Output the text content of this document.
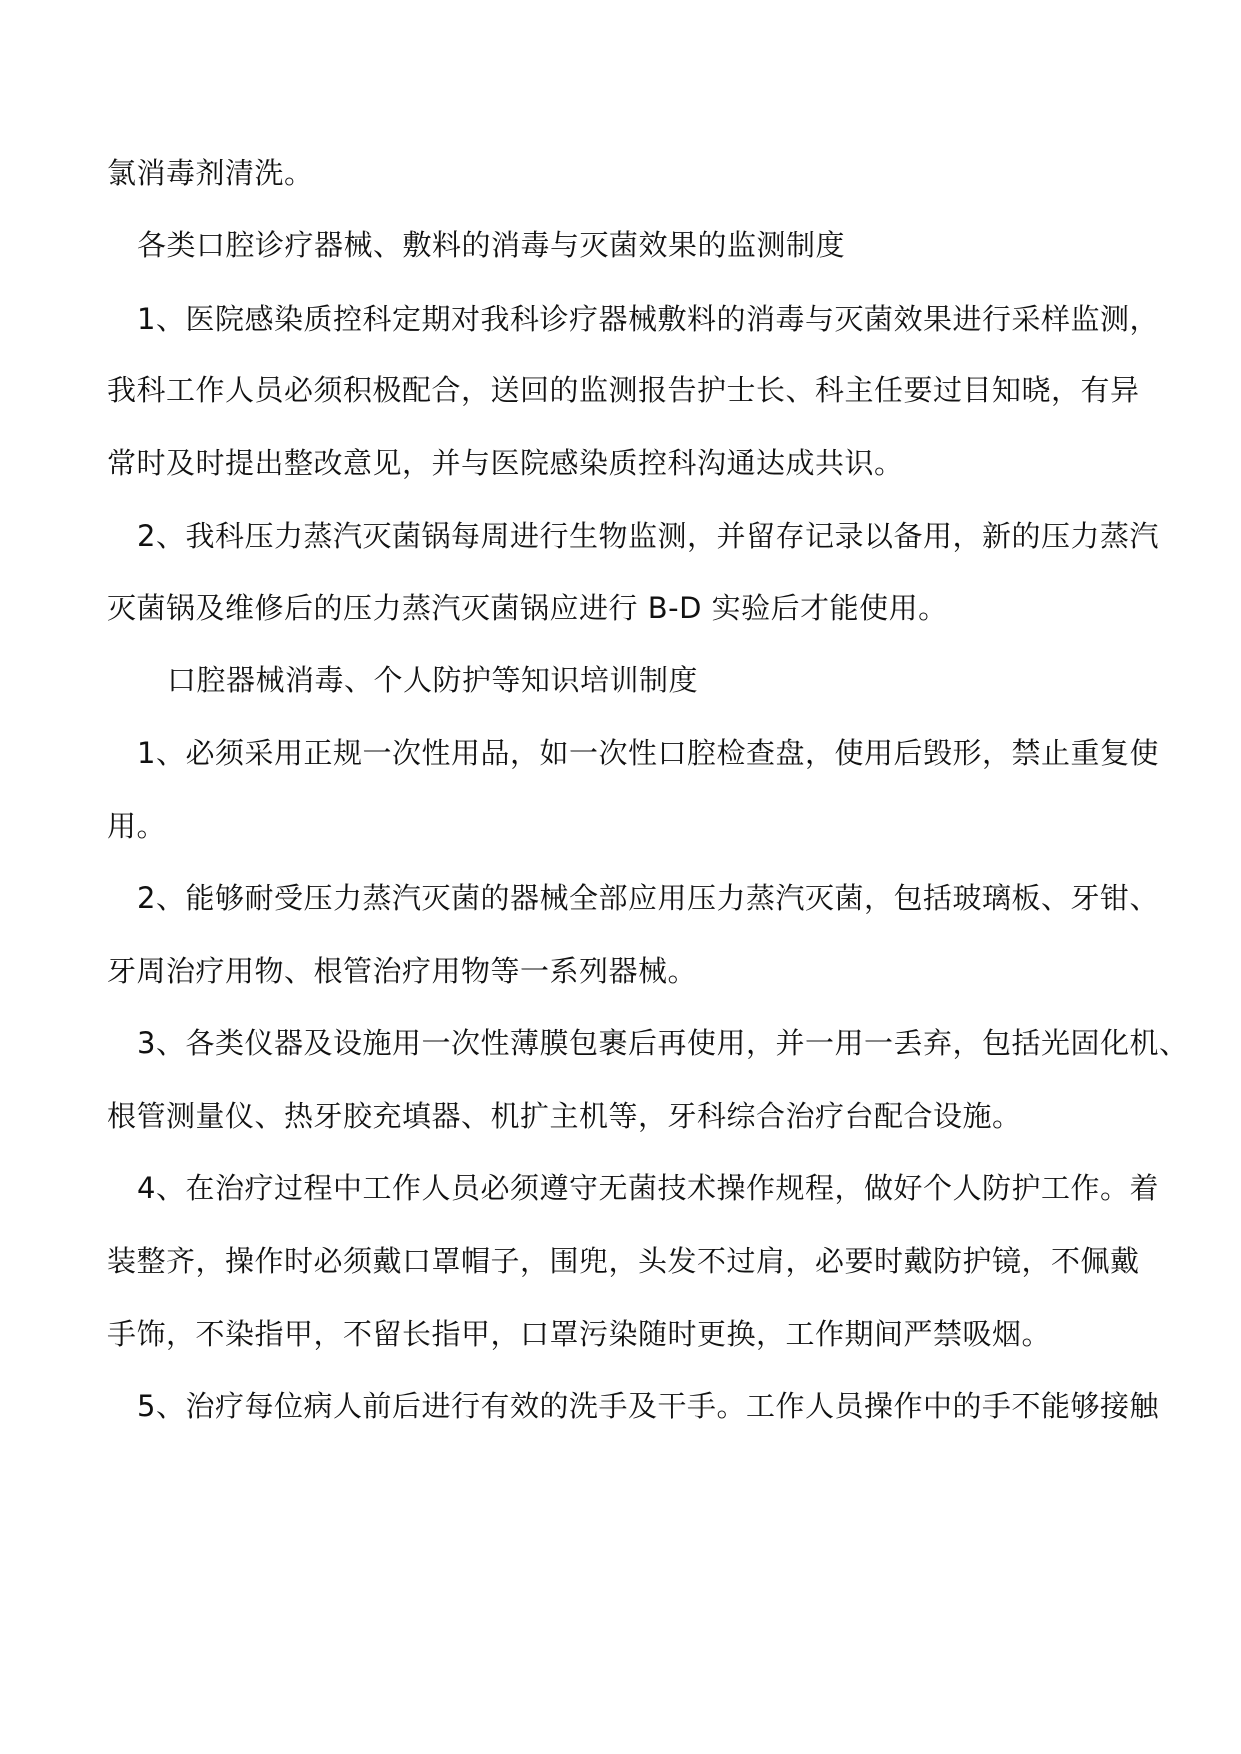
氯消毒剂清洗。
各类口腔诊疗器械、敷料的消毒与灭菌效果的监测制度
1、医院感染质控科定期对我科诊疗器械敷料的消毒与灭菌效果进行采样监测，
我科工作人员必须积极配合，送回的监测报告护士长、科主任要过目知晓，有异
常时及时提出整改意见，并与医院感染质控科沟通达成共识。
2、我科压力蒸汽灭菌锅每周进行生物监测，并留存记录以备用，新的压力蒸汽
灭菌锅及维修后的压力蒸汽灭菌锅应进行 B-D 实验后才能使用。
口腔器械消毒、个人防护等知识培训制度
1、必须采用正规一次性用品，如一次性口腔检查盘，使用后毁形，禁止重复使
用。
2、能够耐受压力蒸汽灭菌的器械全部应用压力蒸汽灭菌，包括玻璃板、牙钳、
牙周治疗用物、根管治疗用物等一系列器械。
3、各类仪器及设施用一次性薄膜包裹后再使用，并一用一丢弃，包括光固化机、
根管测量仪、热牙胶充填器、机扩主机等，牙科综合治疗台配合设施。
4、在治疗过程中工作人员必须遵守无菌技术操作规程，做好个人防护工作。着
装整齐，操作时必须戴口罩帽子，围兜，头发不过肩，必要时戴防护镜，不佩戴
手饰，不染指甲，不留长指甲，口罩污染随时更换，工作期间严禁吸烟。
5、治疗每位病人前后进行有效的洗手及干手。工作人员操作中的手不能够接触
